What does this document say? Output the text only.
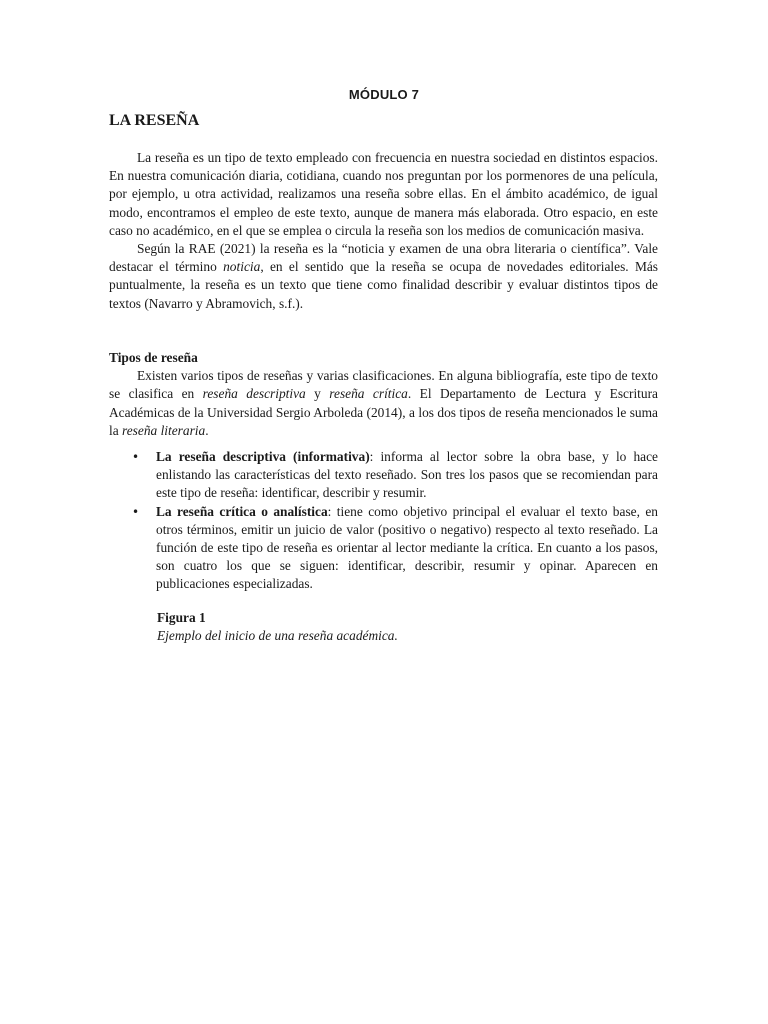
MÓDULO 7
LA RESEÑA

La reseña es un tipo de texto empleado con frecuencia en nuestra sociedad en distintos espacios. En nuestra comunicación diaria, cotidiana, cuando nos preguntan por los pormenores de una película, por ejemplo, u otra actividad, realizamos una reseña sobre ellas. En el ámbito académico, de igual modo, encontramos el empleo de este texto, aunque de manera más elaborada. Otro espacio, en este caso no académico, en el que se emplea o circula la reseña son los medios de comunicación masiva.

Según la RAE (2021) la reseña es la “noticia y examen de una obra literaria o científica”. Vale destacar el término noticia, en el sentido que la reseña se ocupa de novedades editoriales. Más puntualmente, la reseña es un texto que tiene como finalidad describir y evaluar distintos tipos de textos (Navarro y Abramovich, s.f.).

Tipos de reseña

Existen varios tipos de reseñas y varias clasificaciones. En alguna bibliografía, este tipo de texto se clasifica en reseña descriptiva y reseña crítica. El Departamento de Lectura y Escritura Académicas de la Universidad Sergio Arboleda (2014), a los dos tipos de reseña mencionados le suma la reseña literaria.

• La reseña descriptiva (informativa): informa al lector sobre la obra base, y lo hace enlistando las características del texto reseñado. Son tres los pasos que se recomiendan para este tipo de reseña: identificar, describir y resumir.
• La reseña crítica o analística: tiene como objetivo principal el evaluar el texto base, en otros términos, emitir un juicio de valor (positivo o negativo) respecto al texto reseñado. La función de este tipo de reseña es orientar al lector mediante la crítica. En cuanto a los pasos, son cuatro los que se siguen: identificar, describir, resumir y opinar. Aparecen en publicaciones especializadas.
Figura 1
Ejemplo del inicio de una reseña académica.
